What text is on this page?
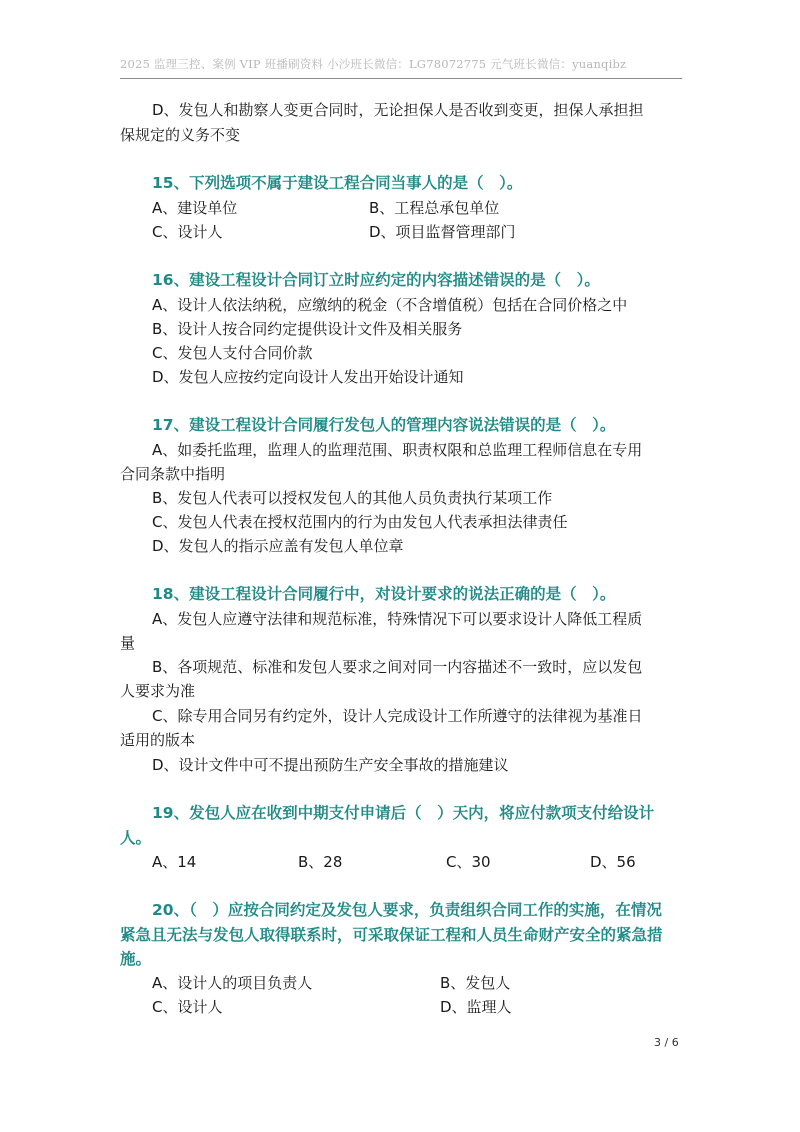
2025 监理三控、案例 VIP 班播刷资料 小沙班长微信：LG78072775 元气班长微信：yuanqibz
D、发包人和勘察人变更合同时，无论担保人是否收到变更，担保人承担担
保规定的义务不变
15、下列选项不属于建设工程合同当事人的是（　）。
A、建设单位	B、工程总承包单位
C、设计人	D、项目监督管理部门
16、建设工程设计合同订立时应约定的内容描述错误的是（　）。
A、设计人依法纳税，应缴纳的税金（不含增值税）包括在合同价格之中
B、设计人按合同约定提供设计文件及相关服务
C、发包人支付合同价款
D、发包人应按约定向设计人发出开始设计通知
17、建设工程设计合同履行发包人的管理内容说法错误的是（　）。
A、如委托监理，监理人的监理范围、职责权限和总监理工程师信息在专用
合同条款中指明
B、发包人代表可以授权发包人的其他人员负责执行某项工作
C、发包人代表在授权范围内的行为由发包人代表承担法律责任
D、发包人的指示应盖有发包人单位章
18、建设工程设计合同履行中，对设计要求的说法正确的是（　）。
A、发包人应遵守法律和规范标准，特殊情况下可以要求设计人降低工程质
量
B、各项规范、标准和发包人要求之间对同一内容描述不一致时，应以发包
人要求为准
C、除专用合同另有约定外，设计人完成设计工作所遵守的法律视为基准日
适用的版本
D、设计文件中可不提出预防生产安全事故的措施建议
19、发包人应在收到中期支付申请后（　）天内，将应付款项支付给设计
人。
A、14	B、28	C、30	D、56
20、（　）应按合同约定及发包人要求，负责组织合同工作的实施，在情况
紧急且无法与发包人取得联系时，可采取保证工程和人员生命财产安全的紧急措
施。
A、设计人的项目负责人	B、发包人
C、设计人	D、监理人
3 / 6
